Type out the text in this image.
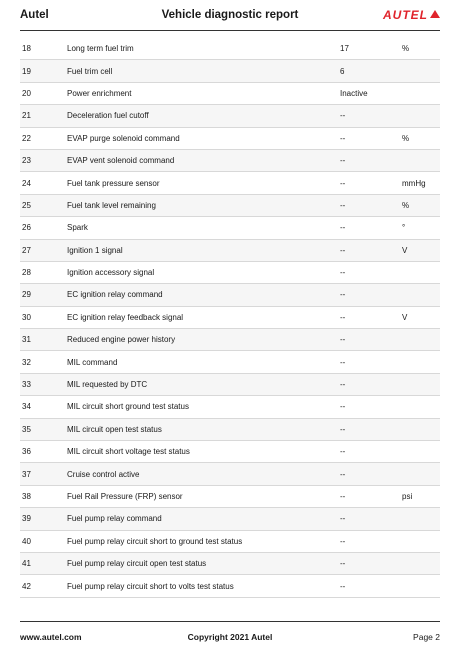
Autel	Vehicle diagnostic report	AUTEL
18	Long term fuel trim	17	%
19	Fuel trim cell	6
20	Power enrichment	Inactive
21	Deceleration fuel cutoff	--
22	EVAP purge solenoid command	--	%
23	EVAP vent solenoid command	--
24	Fuel tank pressure sensor	--	mmHg
25	Fuel tank level remaining	--	%
26	Spark	--	°
27	Ignition 1 signal	--	V
28	Ignition accessory signal	--
29	EC ignition relay command	--
30	EC ignition relay feedback signal	--	V
31	Reduced engine power history	--
32	MIL command	--
33	MIL requested by DTC	--
34	MIL circuit short ground test status	--
35	MIL circuit open test status	--
36	MIL circuit short voltage test status	--
37	Cruise control active	--
38	Fuel Rail Pressure (FRP) sensor	--	psi
39	Fuel pump relay command	--
40	Fuel pump relay circuit short to ground test status	--
41	Fuel pump relay circuit open test status	--
42	Fuel pump relay circuit short to volts test status	--
www.autel.com	Copyright 2021 Autel	Page 2
